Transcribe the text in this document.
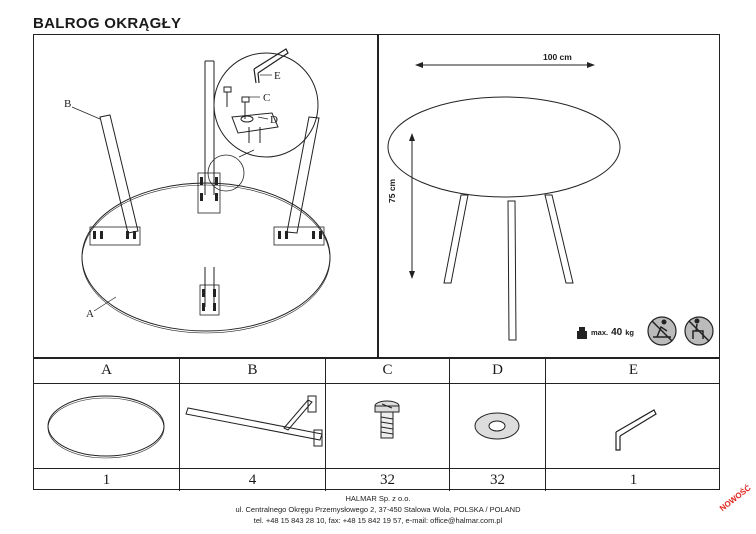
BALROG OKRĄGŁY
B
A
E
C
D
100 cm
75 cm
max. 40 kg
A	B	C	D	E
1	4	32	32	1
HALMAR Sp. z o.o.
ul. Centralnego Okręgu Przemysłowego 2, 37-450 Stalowa Wola, POLSKA / POLAND
tel. +48 15 843 28 10, fax: +48 15 842 19 57, e-mail: office@halmar.com.pl
NOWOŚĆ
